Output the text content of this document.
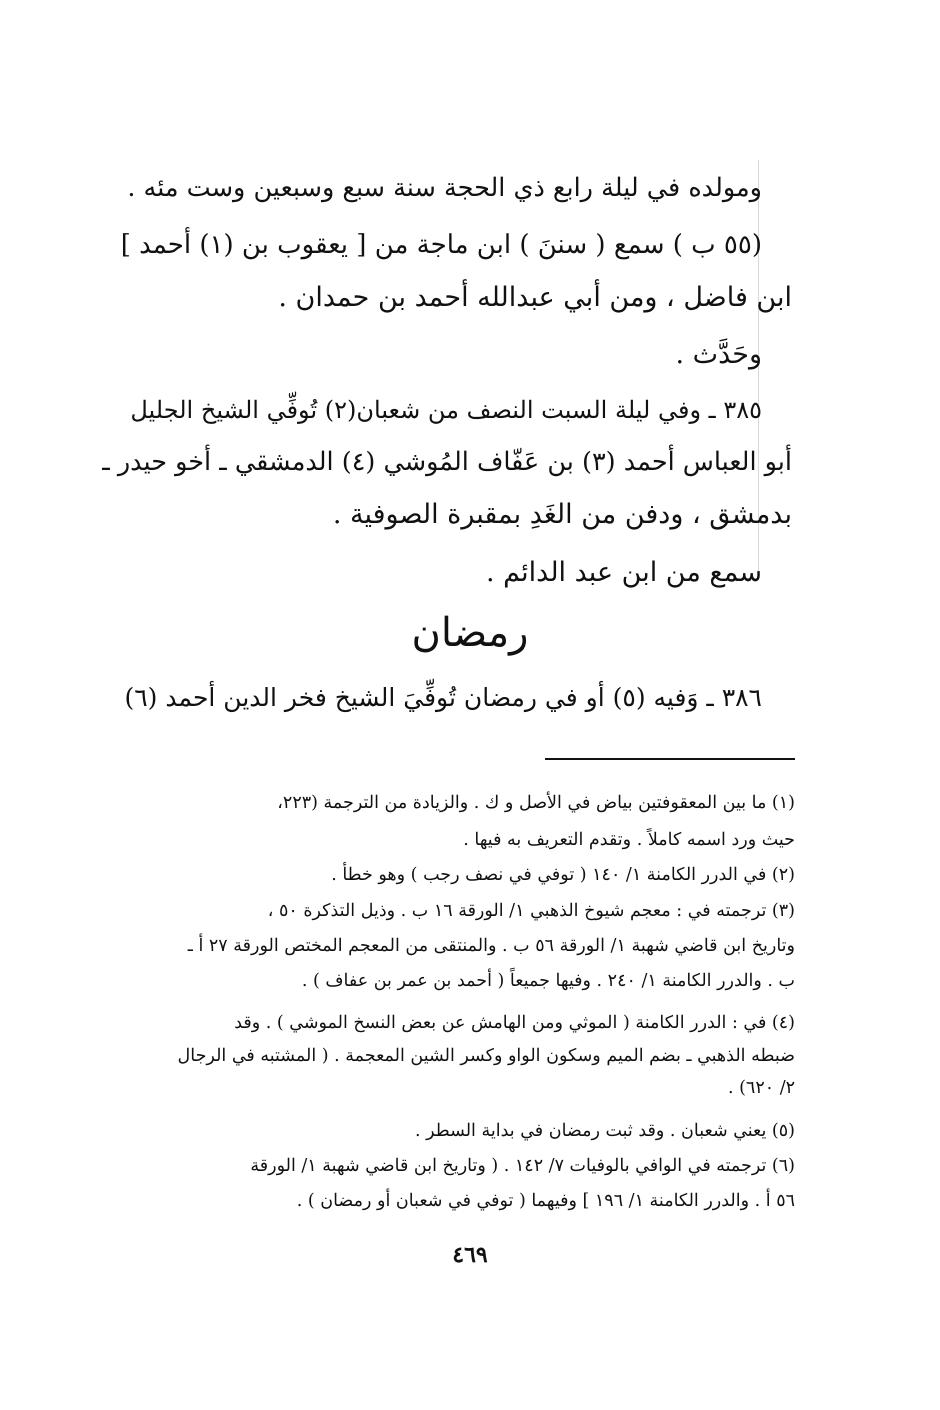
ومولده في ليلة رابع ذي الحجة سنة سبع وسبعين وست مئه .
(٥٥ ب ) سمع ( سننَ ) ابن ماجة من [ يعقوب بن (١) أحمد ]
ابن فاضل ، ومن أبي عبدالله أحمد بن حمدان .
وحَدَّث .
٣٨٥ ـ وفي ليلة السبت النصف من شعبان(٢) تُوفِّي الشيخ الجليل
أبو العباس أحمد (٣) بن عَفّاف المُوشي (٤) الدمشقي ـ أخو حيدر ـ
بدمشق ، ودفن من الغَدِ بمقبرة الصوفية .
سمع من ابن عبد الدائم .
رمضان
٣٨٦ ـ وَفيه (٥) أو في رمضان تُوفِّيَ الشيخ فخر الدين أحمد (٦)
(١) ما بين المعقوفتين بياض في الأصل و ك . والزيادة من الترجمة (٢٢٣،
حيث ورد اسمه كاملاً . وتقدم التعريف به فيها .
(٢) في الدرر الكامنة ١/ ١٤٠ ( توفي في نصف رجب ) وهو خطأ .
(٣) ترجمته في : معجم شيوخ الذهبي ١/ الورقة ١٦ ب . وذيل التذكرة ٥٠ ،
وتاريخ ابن قاضي شهبة ١/ الورقة ٥٦ ب . والمنتقى من المعجم المختص الورقة ٢٧ أ ـ
ب . والدرر الكامنة ١/ ٢٤٠ . وفيها جميعاً ( أحمد بن عمر بن عفاف ) .
(٤) في : الدرر الكامنة ( الموثي ومن الهامش عن بعض النسخ الموشي ) . وقد
ضبطه الذهبي ـ بضم الميم وسكون الواو وكسر الشين المعجمة . ( المشتبه في الرجال
٢/ ٦٢٠) .
(٥) يعني شعبان . وقد ثبت رمضان في بداية السطر .
(٦) ترجمته في الوافي بالوفيات ٧/ ١٤٢ . ( وتاريخ ابن قاضي شهبة ١/ الورقة
٥٦ أ . والدرر الكامنة ١/ ١٩٦ ] وفيهما ( توفي في شعبان أو رمضان ) .
٤٦٩
